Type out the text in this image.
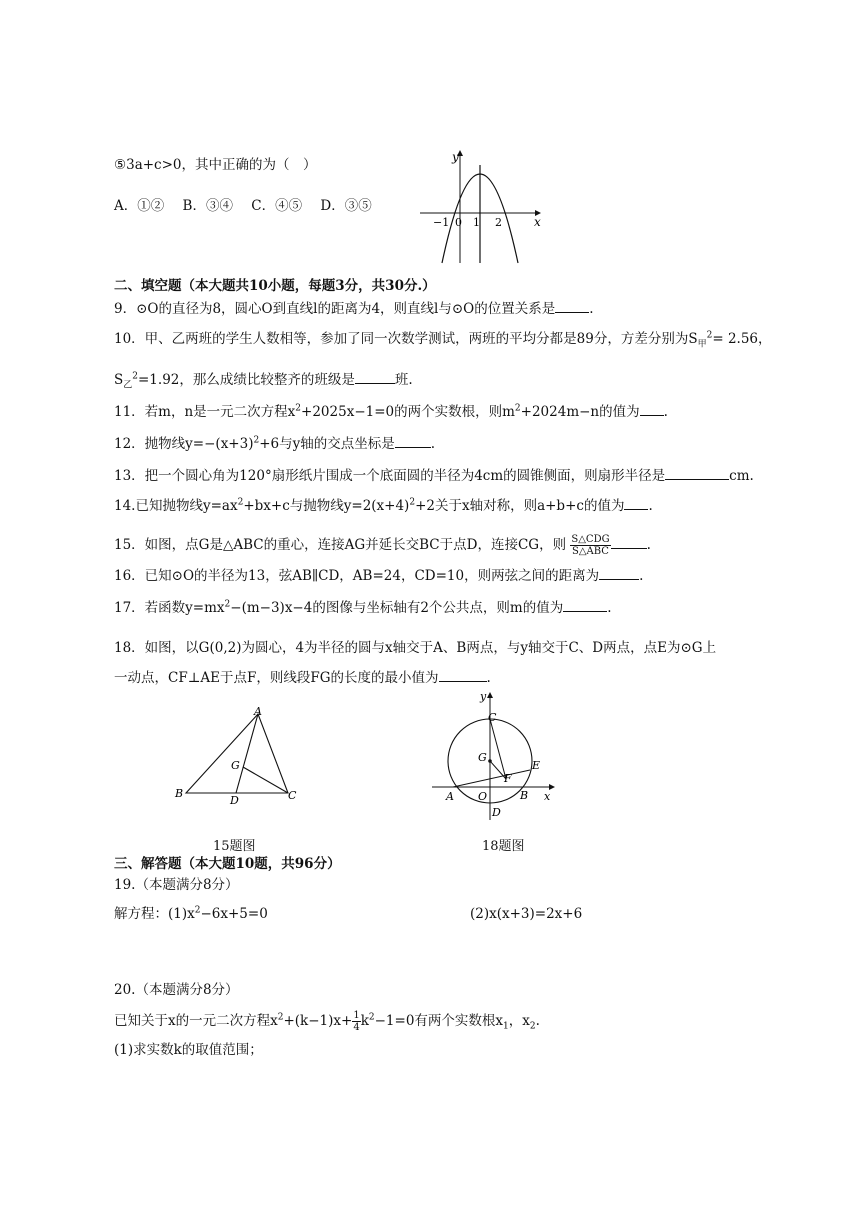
⑤3a+c>0，其中正确的为（　）
A．①② B．③④ C．④⑤ D．③⑤
y
x
−1 0 1 2
二、填空题（本大题共10小题，每题3分，共30分.）
9．⊙O的直径为8，圆心O到直线l的距离为4，则直线l与⊙O的位置关系是	.
10．甲、乙两班的学生人数相等，参加了同一次数学测试，两班的平均分都是89分，方差分别为$S_甲^2= 2.56$，
$S_乙^2=1.92$，那么成绩比较整齐的班级是	班.
11．若m，n是一元二次方程$x^2+2025x-1=0$的两个实数根，则$m^2+2024m-n$的值为 .
12．抛物线$y=-(x+3)^2+6$与y轴的交点坐标是	.
13．把一个圆心角为120°扇形纸片围成一个底面圆的半径为4cm的圆锥侧面，则扇形半径是	cm.
14.已知抛物线$y=ax^2+bx+c$与抛物线$y=2(x+4)^2+2$关于x轴对称，则a+b+c的值为 .
15．如图，点G是△ABC的重心，连接AG并延长交BC于点D，连接CG，则 $\frac{\text{S△CDG}}{\text{S△ABC}}$	.
16．已知⊙O的半径为13，弦AB∥CD，AB=24，CD=10，则两弦之间的距离为	.
17．若函数$y=mx^2-(m-3)x-4$的图像与坐标轴有2个公共点，则m的值为	.
18．如图，以G(0,2)为圆心，4为半径的圆与x轴交于A、B两点，与y轴交于C、D两点，点E为⊙G上
一动点，CF⊥AE于点F，则线段FG的长度的最小值为	.
A
B	C
D
G
15题图
y
x
C
G
E
F
A O	B
D
18题图
三、解答题（本大题10题，共96分）
19.（本题满分8分）
解方程：$(1)x^2-6x+5=0$	(2)x(x+3)=2x+6
20.（本题满分8分）
已知关于x的一元二次方程$x^2+(k-1)x+ \frac{1}{4} k^2-1=0$有两个实数根$x_1$，$x_2$.
(1)求实数k的取值范围；
